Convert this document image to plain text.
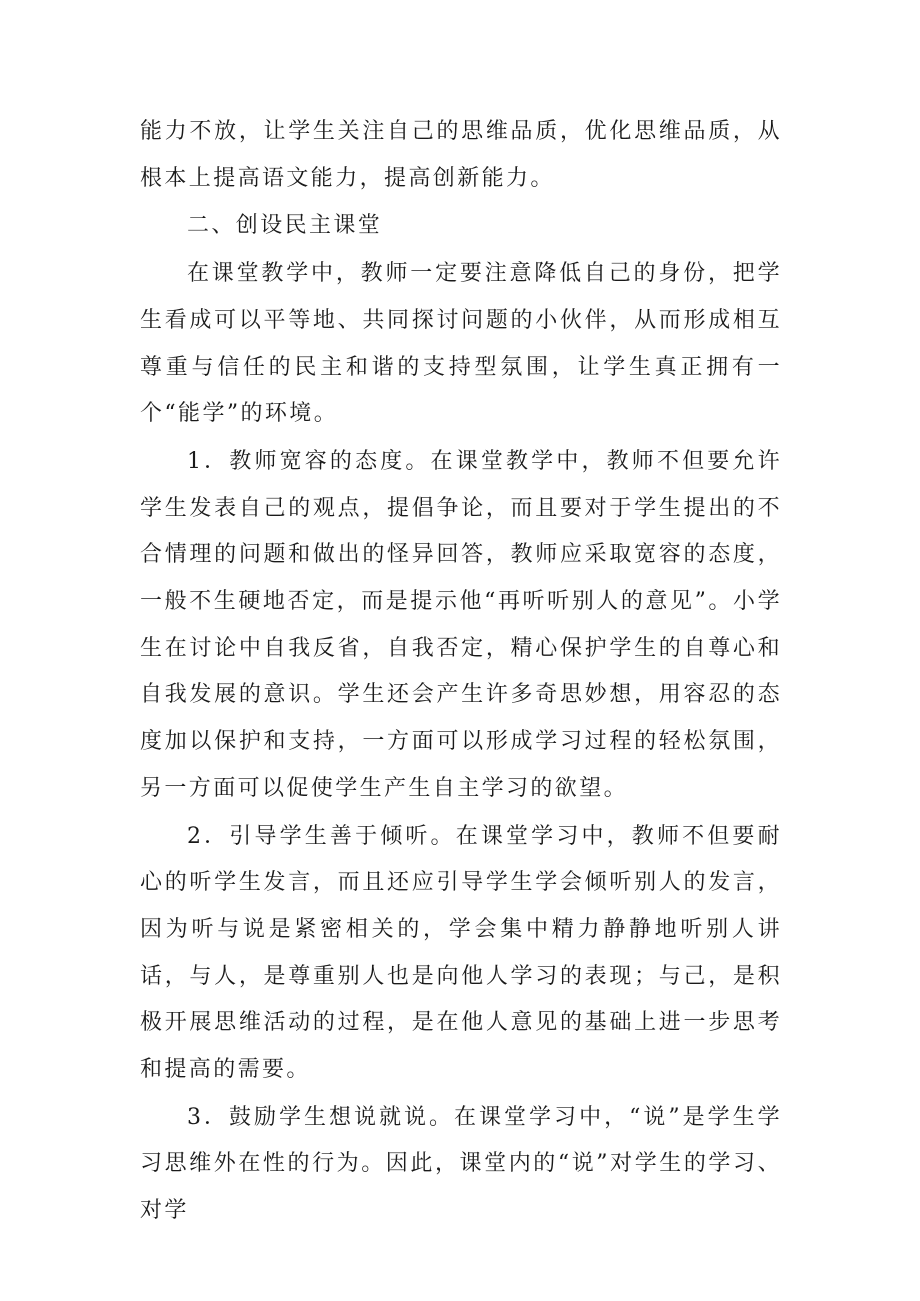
能力不放，让学生关注自己的思维品质，优化思维品质，从根本上提高语文能力，提高创新能力。

二、创设民主课堂

在课堂教学中，教师一定要注意降低自己的身份，把学生看成可以平等地、共同探讨问题的小伙伴，从而形成相互尊重与信任的民主和谐的支持型氛围，让学生真正拥有一个“能学”的环境。

1．教师宽容的态度。在课堂教学中，教师不但要允许学生发表自己的观点，提倡争论，而且要对于学生提出的不合情理的问题和做出的怪异回答，教师应采取宽容的态度，一般不生硬地否定，而是提示他“再听听别人的意见”。小学生在讨论中自我反省，自我否定，精心保护学生的自尊心和自我发展的意识。学生还会产生许多奇思妙想，用容忍的态度加以保护和支持，一方面可以形成学习过程的轻松氛围，另一方面可以促使学生产生自主学习的欲望。

2．引导学生善于倾听。在课堂学习中，教师不但要耐心的听学生发言，而且还应引导学生学会倾听别人的发言，因为听与说是紧密相关的，学会集中精力静静地听别人讲话，与人，是尊重别人也是向他人学习的表现；与己，是积极开展思维活动的过程，是在他人意见的基础上进一步思考和提高的需要。

3．鼓励学生想说就说。在课堂学习中，“说”是学生学习思维外在性的行为。因此，课堂内的“说”对学生的学习、对学
